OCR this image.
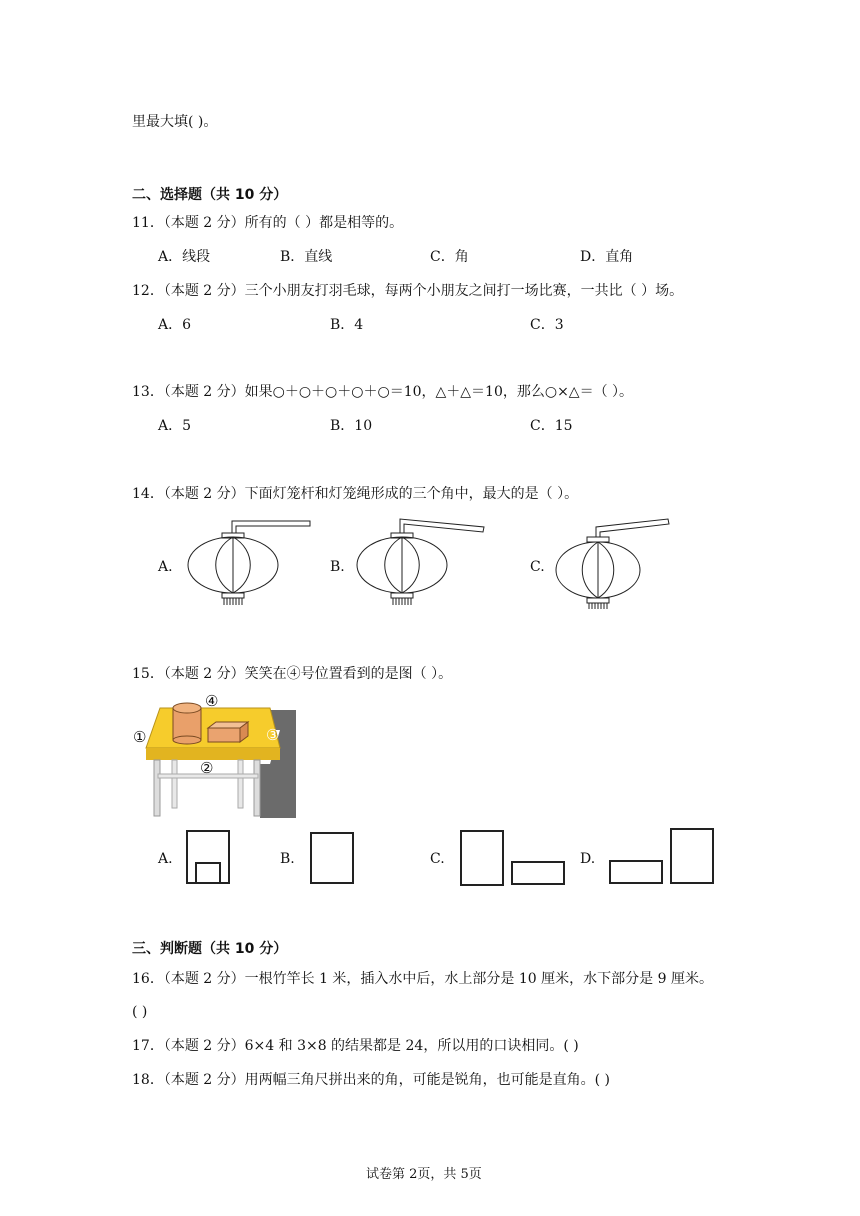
里最大填( )。
二、选择题（共 10 分）
11．（本题 2 分）所有的（ ）都是相等的。
A．线段	B．直线	C．角	D．直角
12．（本题 2 分）三个小朋友打羽毛球，每两个小朋友之间打一场比赛，一共比（ ）场。
A．6	B．4	C．3
13．（本题 2 分）如果○＋○＋○＋○＋○＝10，△＋△＝10，那么○×△＝（ ）。
A．5	B．10	C．15
14．（本题 2 分）下面灯笼杆和灯笼绳形成的三个角中，最大的是（ ）。
A.	B.	C.
15．（本题 2 分）笑笑在④号位置看到的是图（ ）。
①
②
③
④
A.	B.	C.	D.
三、判断题（共 10 分）
16．（本题 2 分）一根竹竿长 1 米，插入水中后，水上部分是 10 厘米，水下部分是 9 厘米。
( )
17．（本题 2 分）6×4 和 3×8 的结果都是 24，所以用的口诀相同。( )
18．（本题 2 分）用两幅三角尺拼出来的角，可能是锐角，也可能是直角。( )
试卷第 2页，共 5页
